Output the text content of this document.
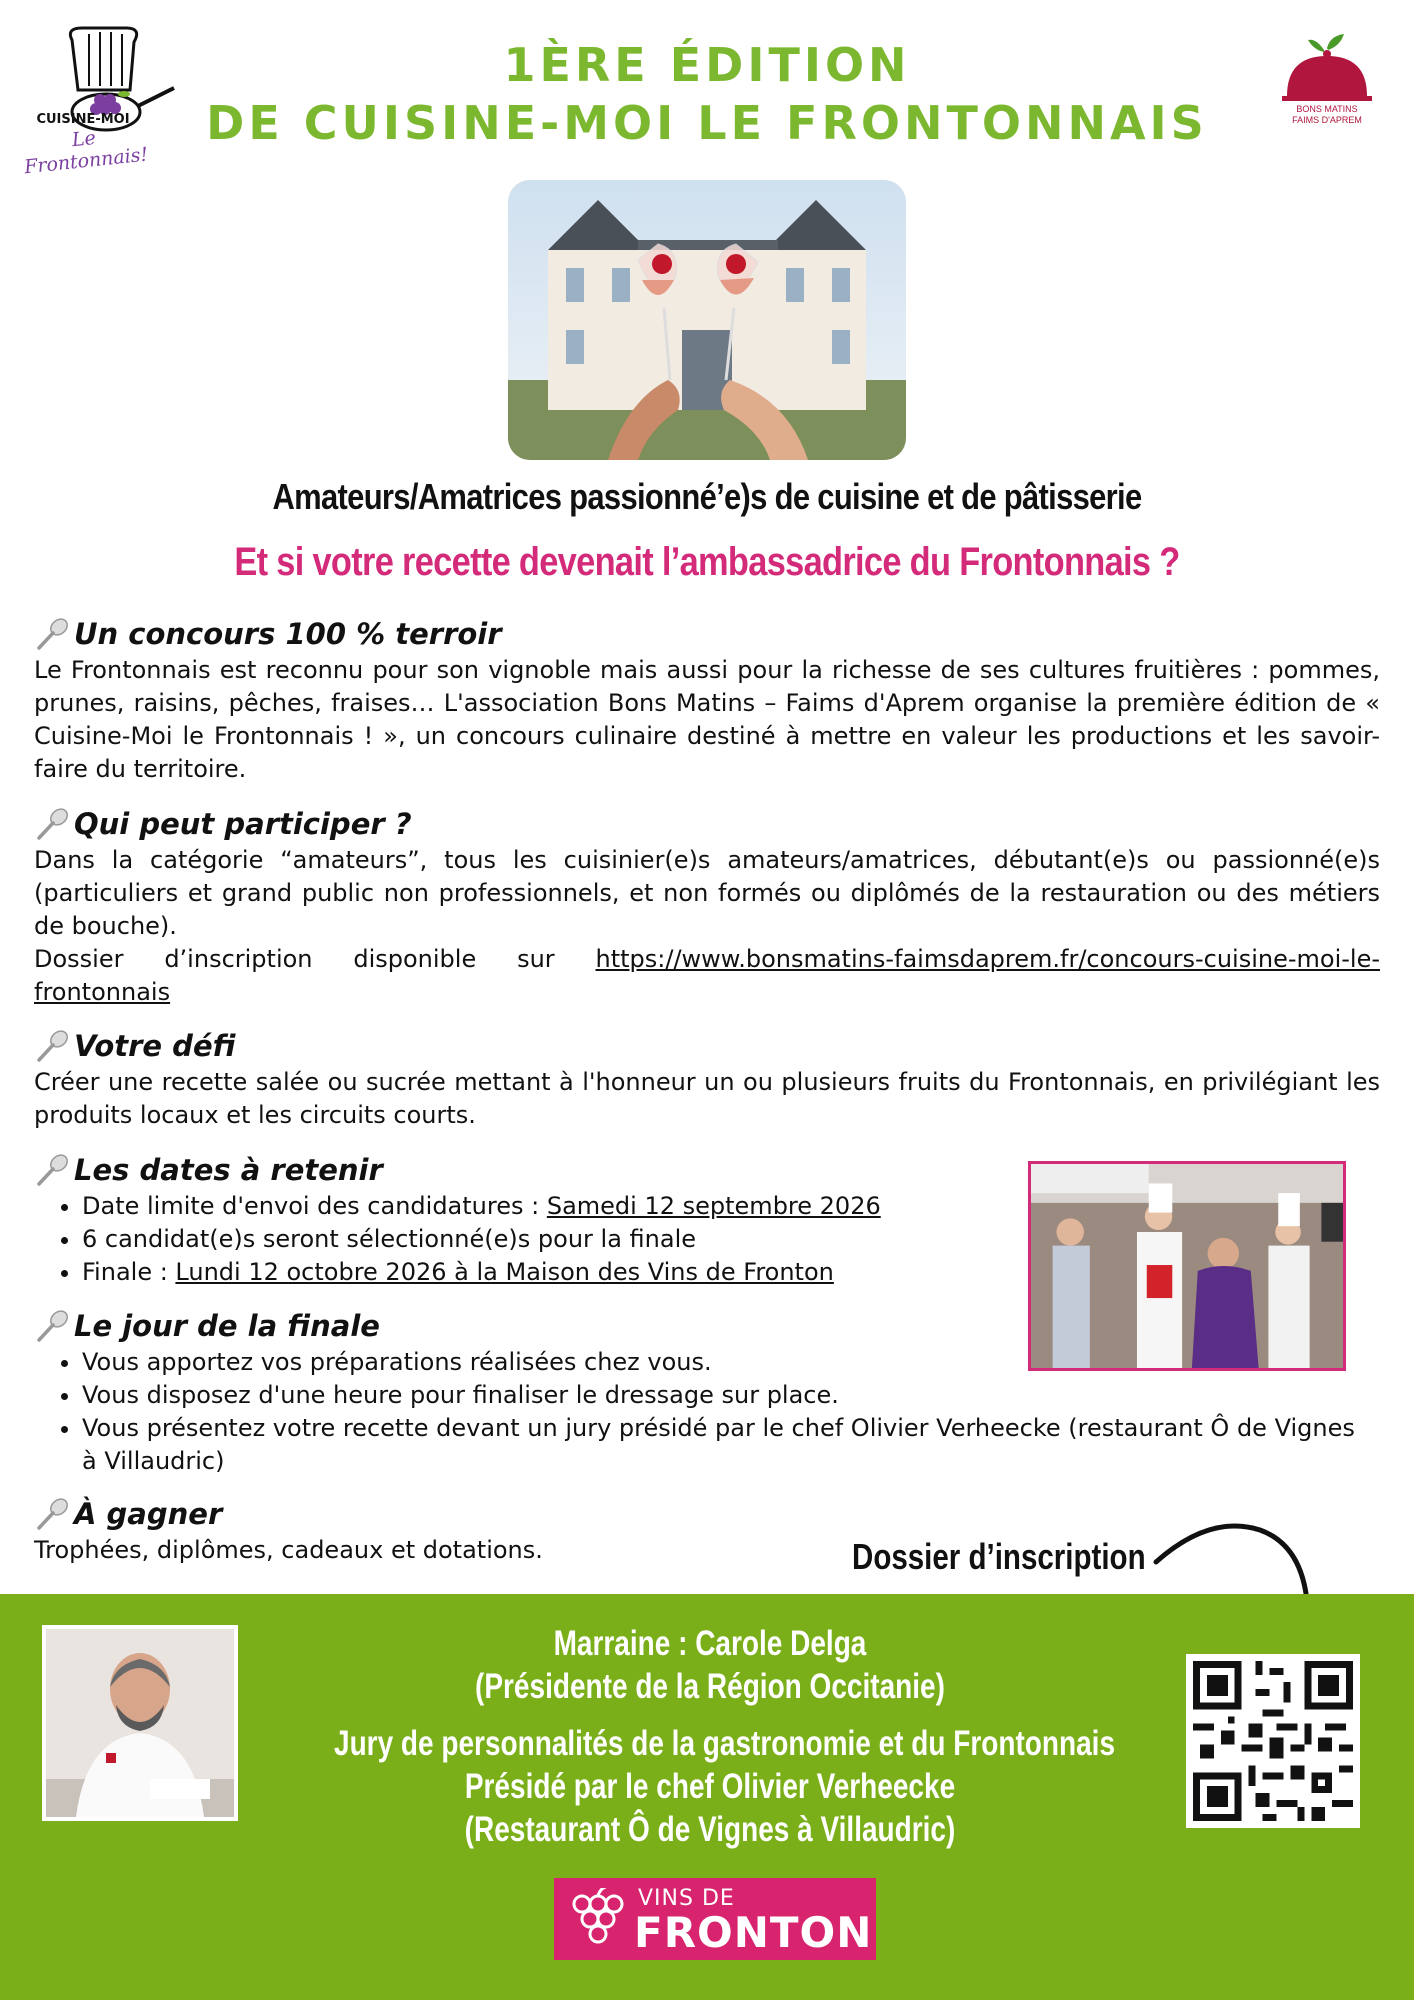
CUISINE-MOI
Le Frontonnais!
BONS MATINS
FAIMS D'APREM
1ÈRE ÉDITION
DE CUISINE-MOI LE FRONTONNAIS
Amateurs/Amatrices passionné’e)s de cuisine et de pâtisserie
Et si votre recette devenait l’ambassadrice du Frontonnais ?
Un concours 100 % terroir

Le Frontonnais est reconnu pour son vignoble mais aussi pour la richesse de ses cultures fruitières : pommes, prunes, raisins, pêches, fraises… L'association Bons Matins – Faims d'Aprem organise la première édition de « Cuisine-Moi le Frontonnais ! », un concours culinaire destiné à mettre en valeur les productions et les savoir-faire du territoire.

Qui peut participer ?

Dans la catégorie “amateurs”, tous les cuisinier(e)s amateurs/amatrices, débutant(e)s ou passionné(e)s (particuliers et grand public non professionnels, et non formés ou diplômés de la restauration ou des métiers de bouche).

Dossier d’inscription disponible sur https://www.bonsmatins-faimsdaprem.fr/concours-cuisine-moi-le-frontonnais

Votre défi

Créer une recette salée ou sucrée mettant à l'honneur un ou plusieurs fruits du Frontonnais, en privilégiant les produits locaux et les circuits courts.

Les dates à retenir
• Date limite d'envoi des candidatures : Samedi 12 septembre 2026
• 6 candidat(e)s seront sélectionné(e)s pour la finale
• Finale : Lundi 12 octobre 2026 à la Maison des Vins de Fronton
Le jour de la finale
• Vous apportez vos préparations réalisées chez vous.
• Vous disposez d'une heure pour finaliser le dressage sur place.
• Vous présentez votre recette devant un jury présidé par le chef Olivier Verheecke (restaurant Ô de Vignes à Villaudric)
À gagner

Trophées, diplômes, cadeaux et dotations.	Dossier d’inscription
Marraine : Carole Delga
(Présidente de la Région Occitanie)
Jury de personnalités de la gastronomie et du Frontonnais
Présidé par le chef Olivier Verheecke
(Restaurant Ô de Vignes à Villaudric)
VINS DE
FRONTON
